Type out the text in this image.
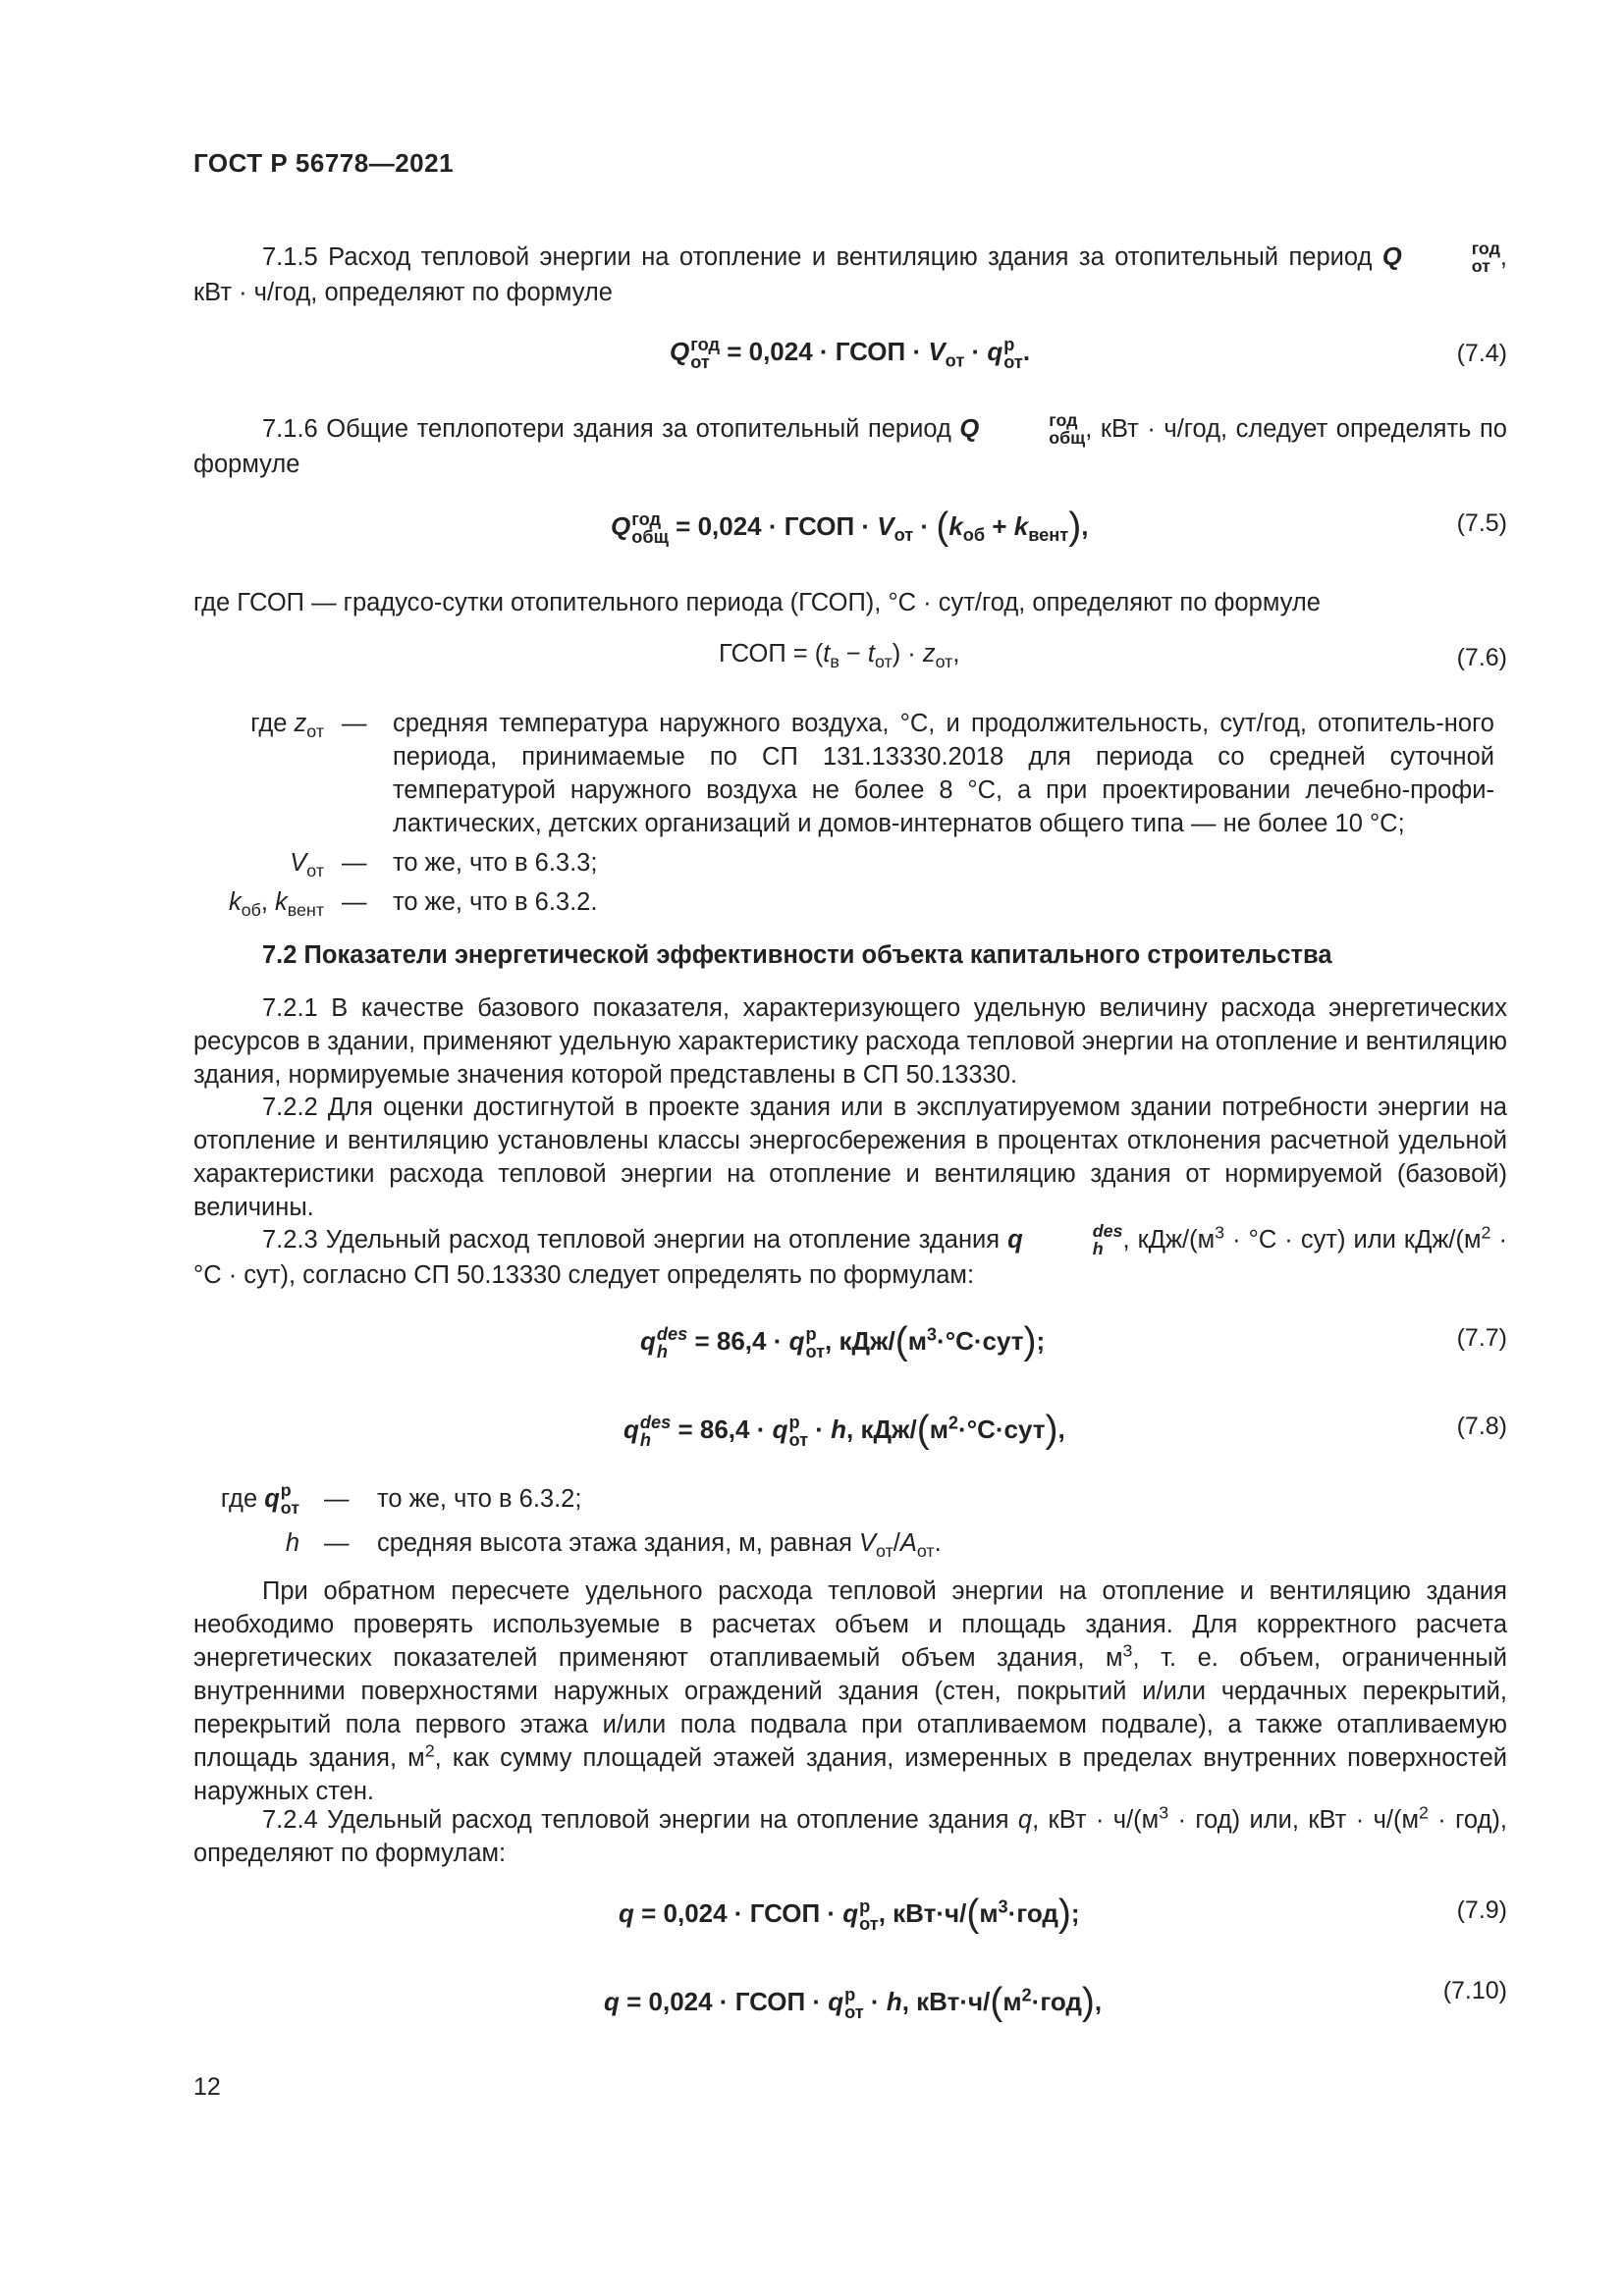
ГОСТ Р 56778—2021
7.1.5 Расход тепловой энергии на отопление и вентиляцию здания за отопительный период Q	год
от , кВт · ч/год, определяют по формуле
Q год
от = 0,024 · ГСОП · $V_{от} \cdot q$ р
от .	(7.4)
7.1.6 Общие теплопотери здания за отопительный период Q	год
общ , кВт · ч/год, следует определять по формуле
Q год
общ = 0,024 · ГСОП · $V_{от} \cdot (k_{об} + k_{вент})$,	(7.5)
где ГСОП — градусо-сутки отопительного периода (ГСОП), °С · сут/год, определяют по формуле
ГСОП = $(t_в - t_{от}) \cdot z_{от}$,	(7.6)
где $z_{от}$ — средняя температура наружного воздуха, °С, и продолжительность, сут/год, отопитель-ного периода, принимаемые по СП 131.13330.2018 для периода со средней суточной температурой наружного воздуха не более 8 °С, а при проектировании лечебно-профи-лактических, детских организаций и домов-интернатов общего типа — не более 10 °С;
$V_{от}$ — то же, что в 6.3.3;
$k_{об}$, $k_{вент}$ — то же, что в 6.3.2.
7.2 Показатели энергетической эффективности объекта капитального строительства
7.2.1 В качестве базового показателя, характеризующего удельную величину расхода энергетических ресурсов в здании, применяют удельную характеристику расхода тепловой энергии на отопление и вентиляцию здания, нормируемые значения которой представлены в СП 50.13330.
7.2.2 Для оценки достигнутой в проекте здания или в эксплуатируемом здании потребности энергии на отопление и вентиляцию установлены классы энергосбережения в процентах отклонения расчетной удельной характеристики расхода тепловой энергии на отопление и вентиляцию здания от нормируемой (базовой) величины.
7.2.3 Удельный расход тепловой энергии на отопление здания q	des
h , кДж/$(м^3 \cdot ^\circ С \cdot сут)$ или кДж/$(м^2 \cdot ^\circ С \cdot сут)$, согласно СП 50.13330 следует определять по формулам:
q des
h = 86,4 · q р
от , кДж/$(м^3\cdot^\circ С\cdot сут)$;	(7.7)
q des
h = 86,4 · q р
от · h, кДж/$(м^2\cdot^\circ С\cdot сут)$,	(7.8)
где q р
от — то же, что в 6.3.2;
h — средняя высота этажа здания, м, равная $V_{от}/A_{от}$.
При обратном пересчете удельного расхода тепловой энергии на отопление и вентиляцию здания необходимо проверять используемые в расчетах объем и площадь здания. Для корректного расчета энергетических показателей применяют отапливаемый объем здания, $м^3$, т. е. объем, ограниченный внутренними поверхностями наружных ограждений здания (стен, покрытий и/или чердачных перекрытий, перекрытий пола первого этажа и/или пола подвала при отапливаемом подвале), а также отапливаемую площадь здания, $м^2$, как сумму площадей этажей здания, измеренных в пределах внутренних поверхностей наружных стен.
7.2.4 Удельный расход тепловой энергии на отопление здания q, кВт · $ч/(м^3 \cdot год)$ или, кВт · $ч/(м^2 \cdot год)$, определяют по формулам:
q = 0,024 · ГСОП · q р
от , $кВт\cdot ч/(м^3\cdot год)$;	(7.9)
q = 0,024 · ГСОП · q р
от · h, $кВт\cdot ч/(м^2\cdot год)$,	(7.10)
12
